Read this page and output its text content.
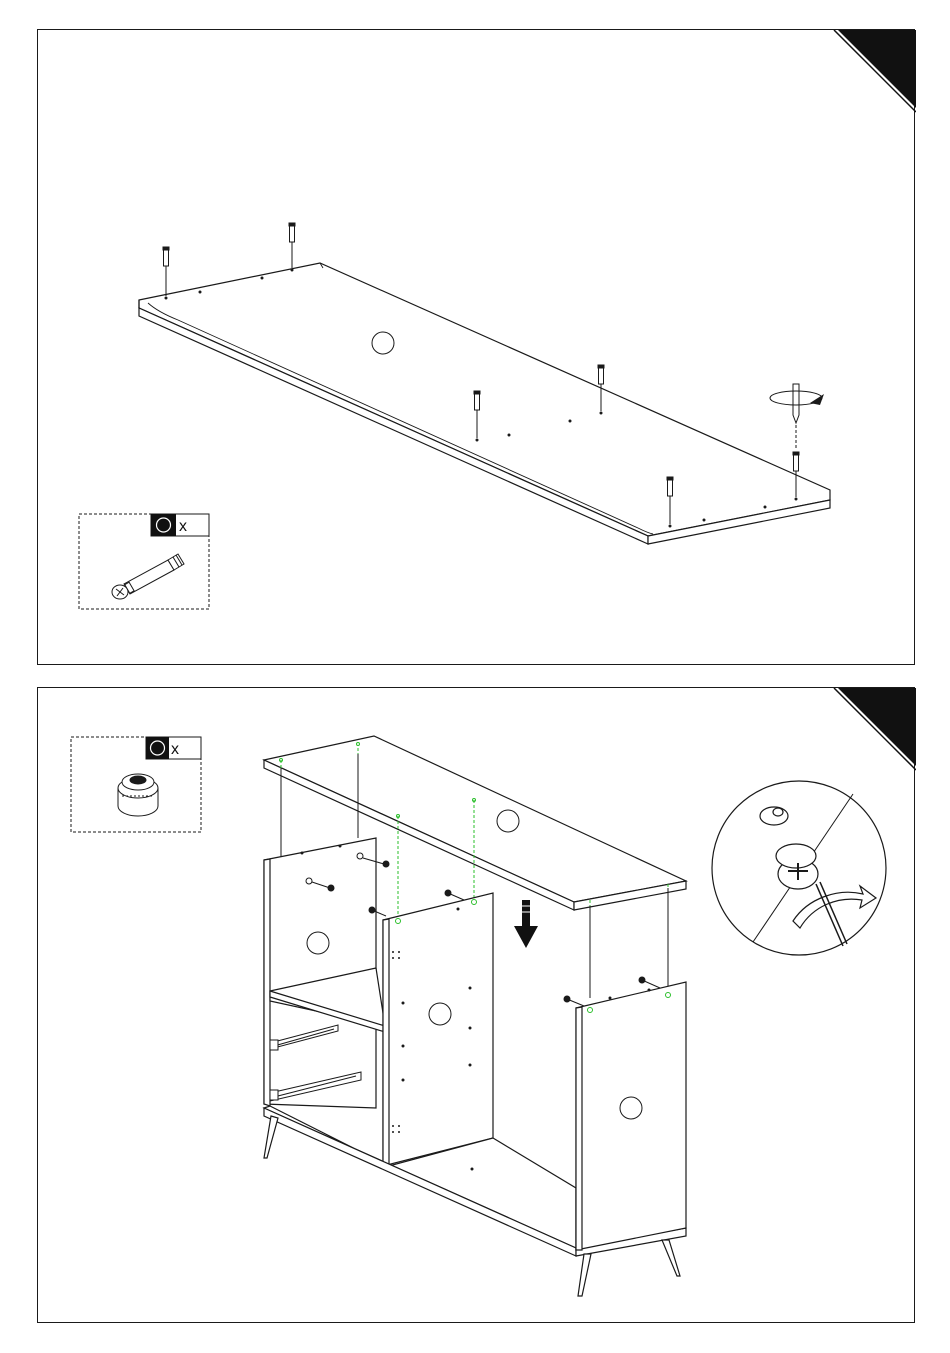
x
x
